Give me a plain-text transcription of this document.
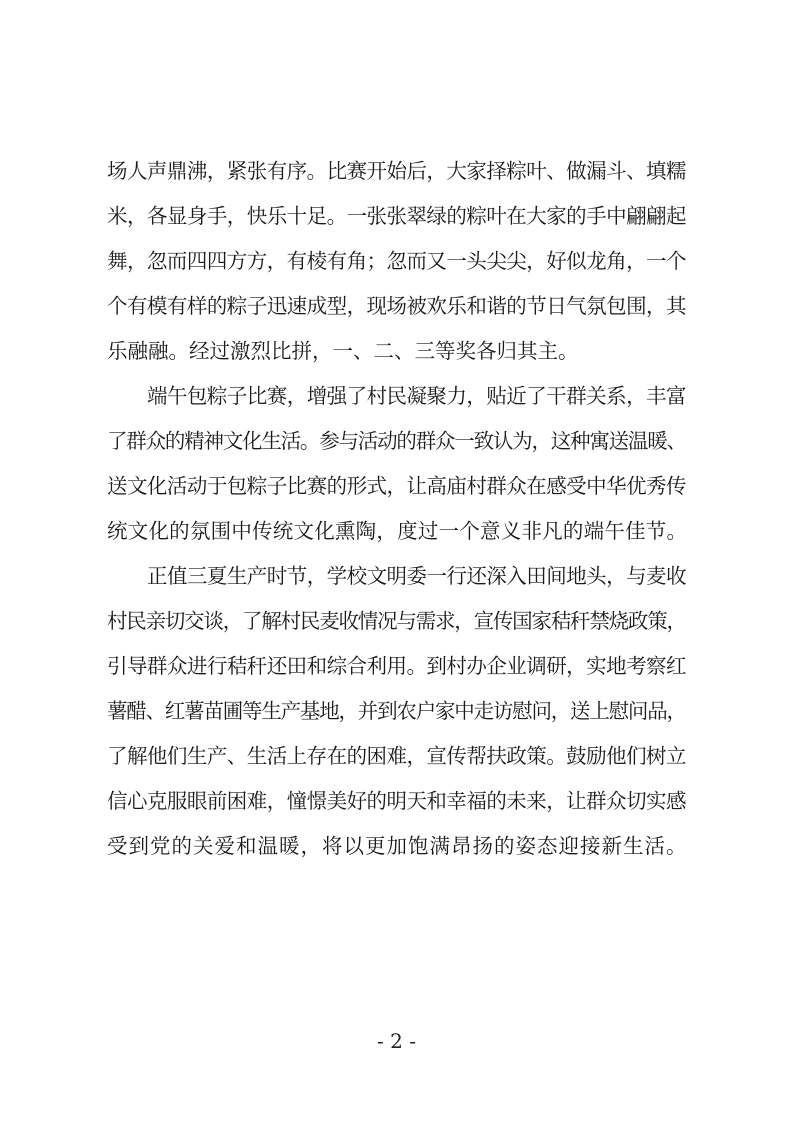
场人声鼎沸，紧张有序。比赛开始后，大家择粽叶、做漏斗、填糯
米，各显身手，快乐十足。一张张翠绿的粽叶在大家的手中翩翩起
舞，忽而四四方方，有棱有角；忽而又一头尖尖，好似龙角，一个
个有模有样的粽子迅速成型，现场被欢乐和谐的节日气氛包围，其
乐融融。经过激烈比拼，一、二、三等奖各归其主。
端午包粽子比赛，增强了村民凝聚力，贴近了干群关系，丰富
了群众的精神文化生活。参与活动的群众一致认为，这种寓送温暖、
送文化活动于包粽子比赛的形式，让高庙村群众在感受中华优秀传
统文化的氛围中传统文化熏陶，度过一个意义非凡的端午佳节。
正值三夏生产时节，学校文明委一行还深入田间地头，与麦收
村民亲切交谈，了解村民麦收情况与需求，宣传国家秸秆禁烧政策，
引导群众进行秸秆还田和综合利用。到村办企业调研，实地考察红
薯醋、红薯苗圃等生产基地，并到农户家中走访慰问，送上慰问品，
了解他们生产、生活上存在的困难，宣传帮扶政策。鼓励他们树立
信心克服眼前困难，憧憬美好的明天和幸福的未来，让群众切实感
受到党的关爱和温暖，将以更加饱满昂扬的姿态迎接新生活。
- 2 -
